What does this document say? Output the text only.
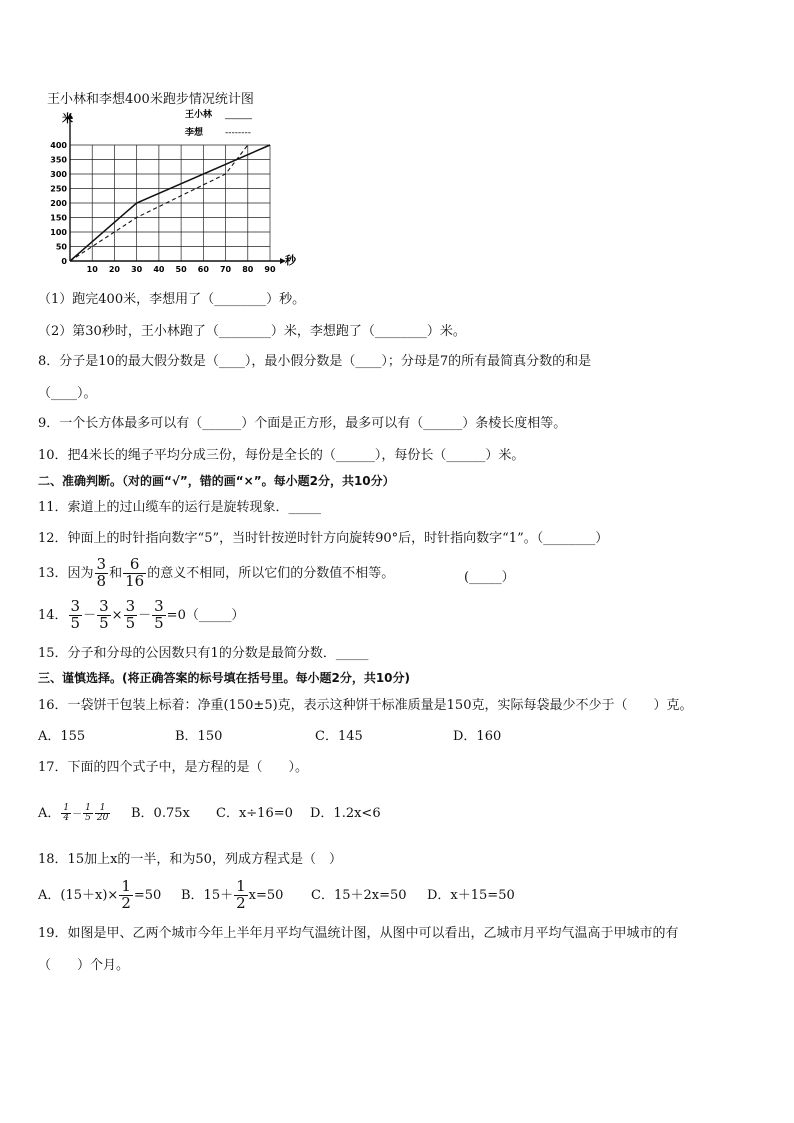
王小林和李想400米跑步情况统计图
10 20 30 40 50 60 70 80 90
0
50
100
150
200
250
300
350
400
王小林 ______
李想 --------
米
秒
（1）跑完400米，李想用了（________）秒。
（2）第30秒时，王小林跑了（________）米，李想跑了（________）米。
8．分子是10的最大假分数是（____），最小假分数是（____）；分母是7的所有最简真分数的和是
（____）。
9．一个长方体最多可以有（______）个面是正方形，最多可以有（______）条棱长度相等。
10．把4米长的绳子平均分成三份，每份是全长的（______），每份长（______）米。
二、准确判断。（对的画“√”，错的画“×”。每小题2分，共10分）
11．索道上的过山缆车的运行是旋转现象．_____
12．钟面上的时针指向数字“5”，当时针按逆时针方向旋转90°后，时针指向数字“1”。（________）
13．因为 $\frac{3}{8}$ 和 $\frac{6}{16}$ 的意义不相同，所以它们的分数值不相等。	(_____）
14． $\frac{3}{5} - \frac{3}{5} \times \frac{3}{5} - \frac{3}{5}$ =0（_____）
15．分子和分母的公因数只有1的分数是最简分数．_____
三、谨慎选择。(将正确答案的标号填在括号里。每小题2分，共10分)
16．一袋饼干包装上标着：净重(150±5)克，表示这种饼干标准质量是150克，实际每袋最少不少于（　　）克。
A．155	B．150	C．145	D．160
17．下面的四个式子中，是方程的是（　　）。
A． $\frac{1}{4} - \frac{1}{5} \frac{1}{20}$ B．0.75x C．x÷16=0 D．1.2x<6
18．15加上x的一半，和为50，列成方程式是（　）
A．$(15+x)\times \frac{1}{2} =50$ B．$15+ \frac{1}{2} x=50$ C．15＋2x=50 D．x＋15=50
19．如图是甲、乙两个城市今年上半年月平均气温统计图，从图中可以看出，乙城市月平均气温高于甲城市的有
（　　）个月。
